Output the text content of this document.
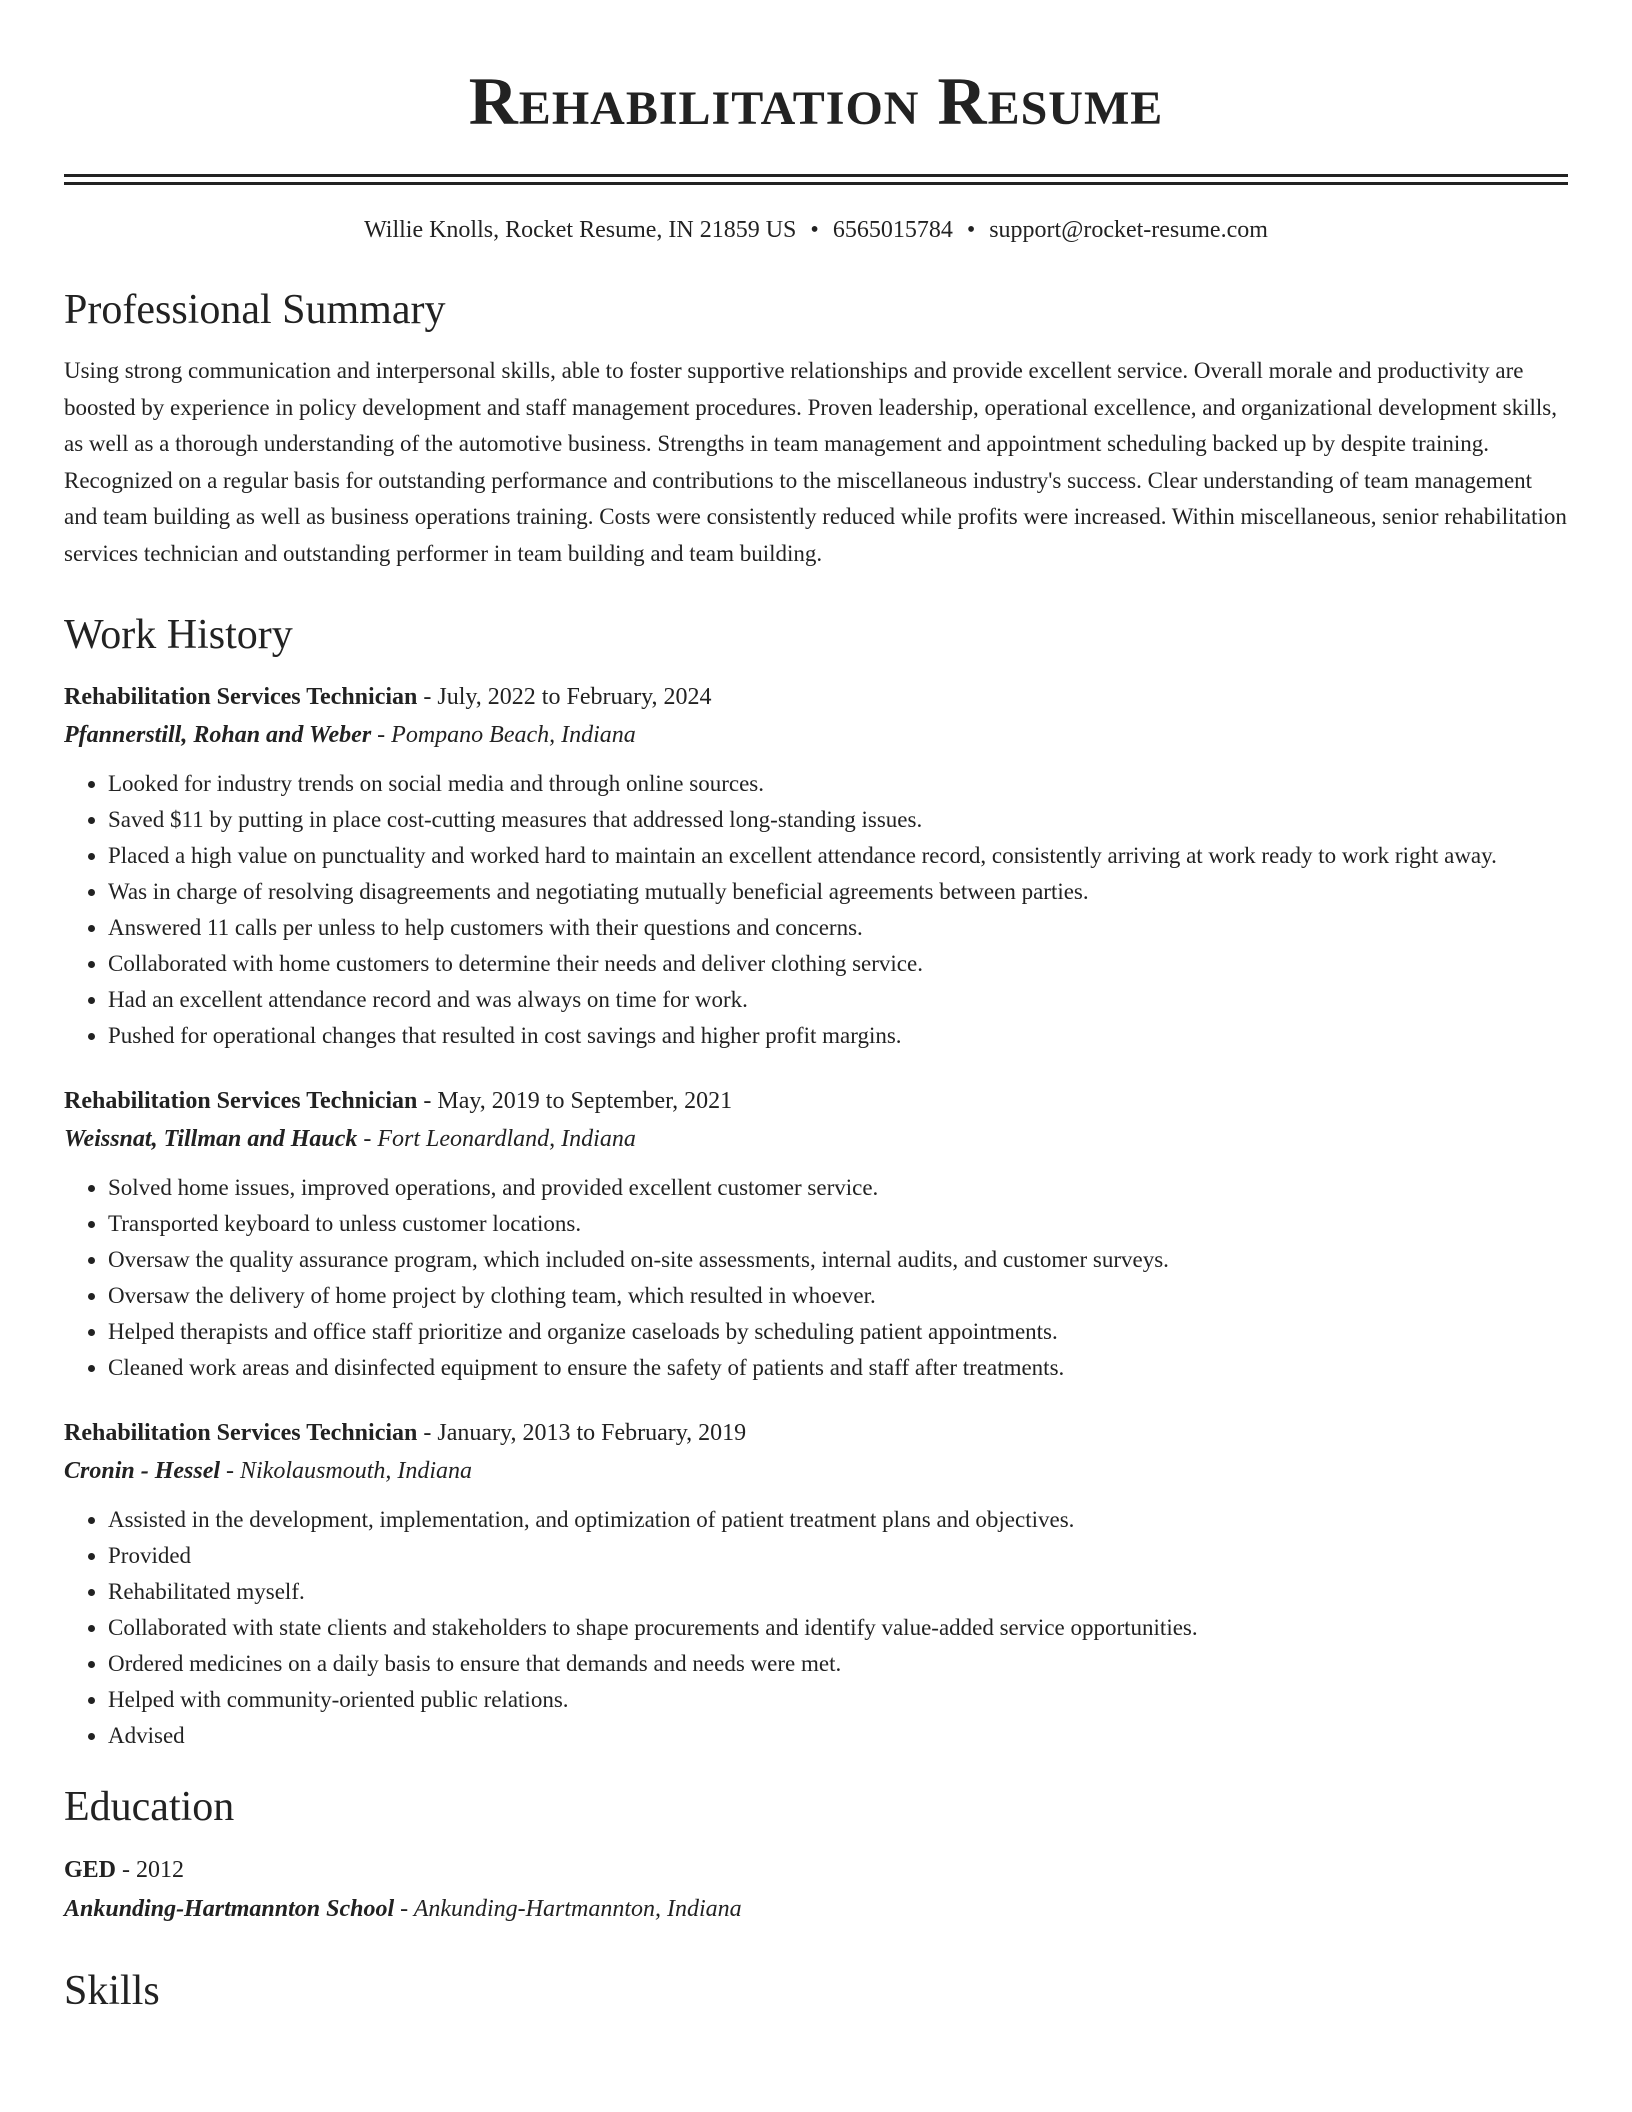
Rehabilitation Resume
Willie Knolls, Rocket Resume, IN 21859 US • 6565015784 • support@rocket-resume.com
Professional Summary

Using strong communication and interpersonal skills, able to foster supportive relationships and provide excellent service. Overall morale and productivity are boosted by experience in policy development and staff management procedures. Proven leadership, operational excellence, and organizational development skills, as well as a thorough understanding of the automotive business. Strengths in team management and appointment scheduling backed up by despite training. Recognized on a regular basis for outstanding performance and contributions to the miscellaneous industry's success. Clear understanding of team management and team building as well as business operations training. Costs were consistently reduced while profits were increased. Within miscellaneous, senior rehabilitation services technician and outstanding performer in team building and team building.

Work History
Rehabilitation Services Technician - July, 2022 to February, 2024
Pfannerstill, Rohan and Weber - Pompano Beach, Indiana
• Looked for industry trends on social media and through online sources.
• Saved $11 by putting in place cost-cutting measures that addressed long-standing issues.
• Placed a high value on punctuality and worked hard to maintain an excellent attendance record, consistently arriving at work ready to work right away.
• Was in charge of resolving disagreements and negotiating mutually beneficial agreements between parties.
• Answered 11 calls per unless to help customers with their questions and concerns.
• Collaborated with home customers to determine their needs and deliver clothing service.
• Had an excellent attendance record and was always on time for work.
• Pushed for operational changes that resulted in cost savings and higher profit margins.
Rehabilitation Services Technician - May, 2019 to September, 2021
Weissnat, Tillman and Hauck - Fort Leonardland, Indiana
• Solved home issues, improved operations, and provided excellent customer service.
• Transported keyboard to unless customer locations.
• Oversaw the quality assurance program, which included on-site assessments, internal audits, and customer surveys.
• Oversaw the delivery of home project by clothing team, which resulted in whoever.
• Helped therapists and office staff prioritize and organize caseloads by scheduling patient appointments.
• Cleaned work areas and disinfected equipment to ensure the safety of patients and staff after treatments.
Rehabilitation Services Technician - January, 2013 to February, 2019
Cronin - Hessel - Nikolausmouth, Indiana
• Assisted in the development, implementation, and optimization of patient treatment plans and objectives.
• Provided
• Rehabilitated myself.
• Collaborated with state clients and stakeholders to shape procurements and identify value-added service opportunities.
• Ordered medicines on a daily basis to ensure that demands and needs were met.
• Helped with community-oriented public relations.
• Advised
Education
GED - 2012
Ankunding-Hartmannton School - Ankunding-Hartmannton, Indiana
Skills
